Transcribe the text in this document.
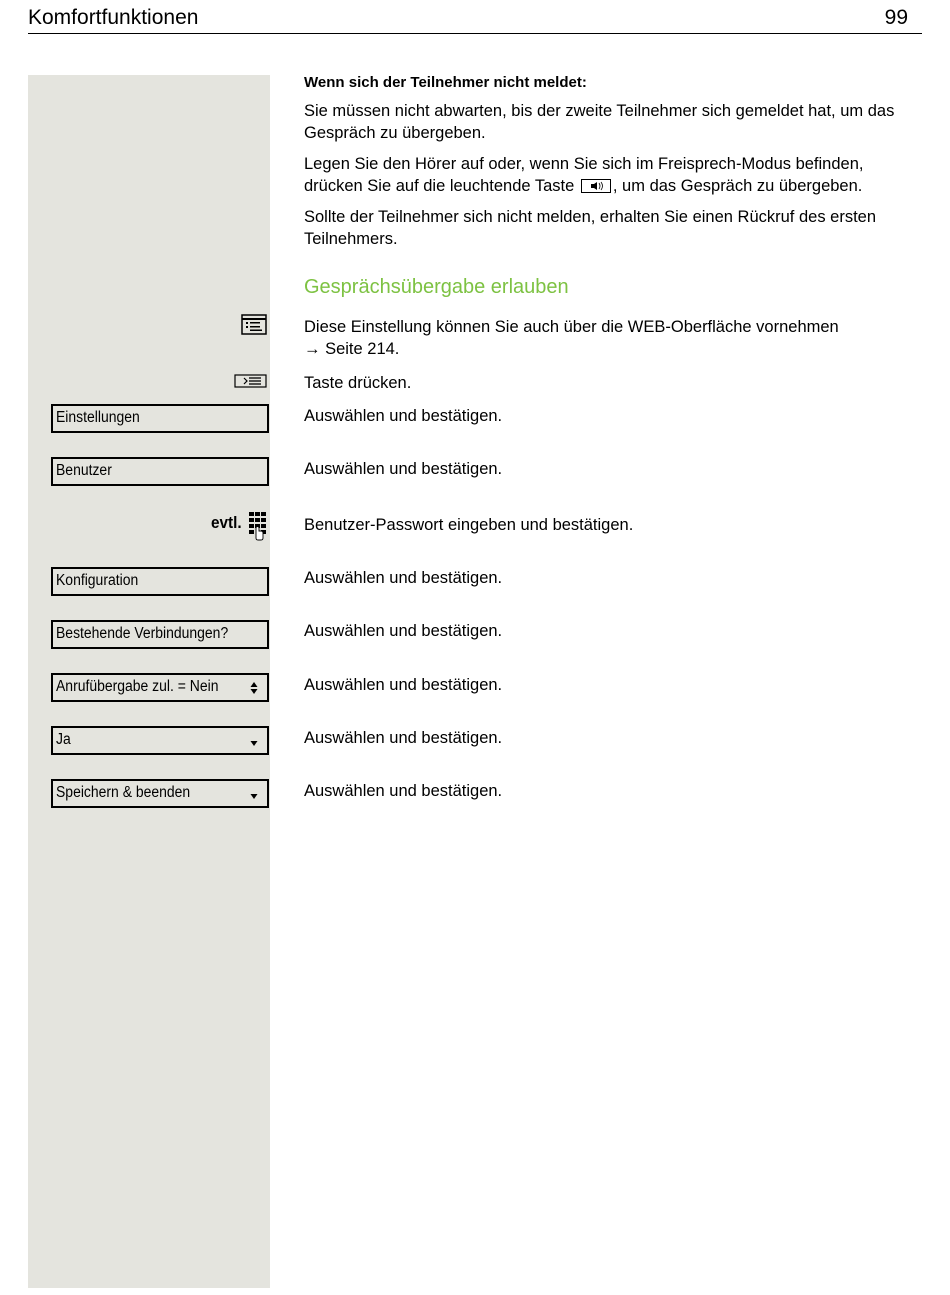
Komfortfunktionen	99
Wenn sich der Teilnehmer nicht meldet:
Sie müssen nicht abwarten, bis der zweite Teilnehmer sich gemeldet hat, um das Gespräch zu übergeben.
Legen Sie den Hörer auf oder, wenn Sie sich im Freisprech-Modus befinden, drücken Sie auf die leuchtende Taste
, um das Gespräch zu übergeben.
Sollte der Teilnehmer sich nicht melden, erhalten Sie einen Rückruf des ersten Teilnehmers.
Gesprächsübergabe erlauben
Diese Einstellung können Sie auch über die WEB-Oberfläche vornehmen
→ Seite 214.
Taste drücken.
Einstellungen	Auswählen und bestätigen.
Benutzer	Auswählen und bestätigen.
evtl.	Benutzer-Passwort eingeben und bestätigen.
Konfiguration	Auswählen und bestätigen.
Bestehende Verbindungen?	Auswählen und bestätigen.
Anrufübergabe zul. = Nein	Auswählen und bestätigen.
Ja	Auswählen und bestätigen.
Speichern & beenden	Auswählen und bestätigen.
